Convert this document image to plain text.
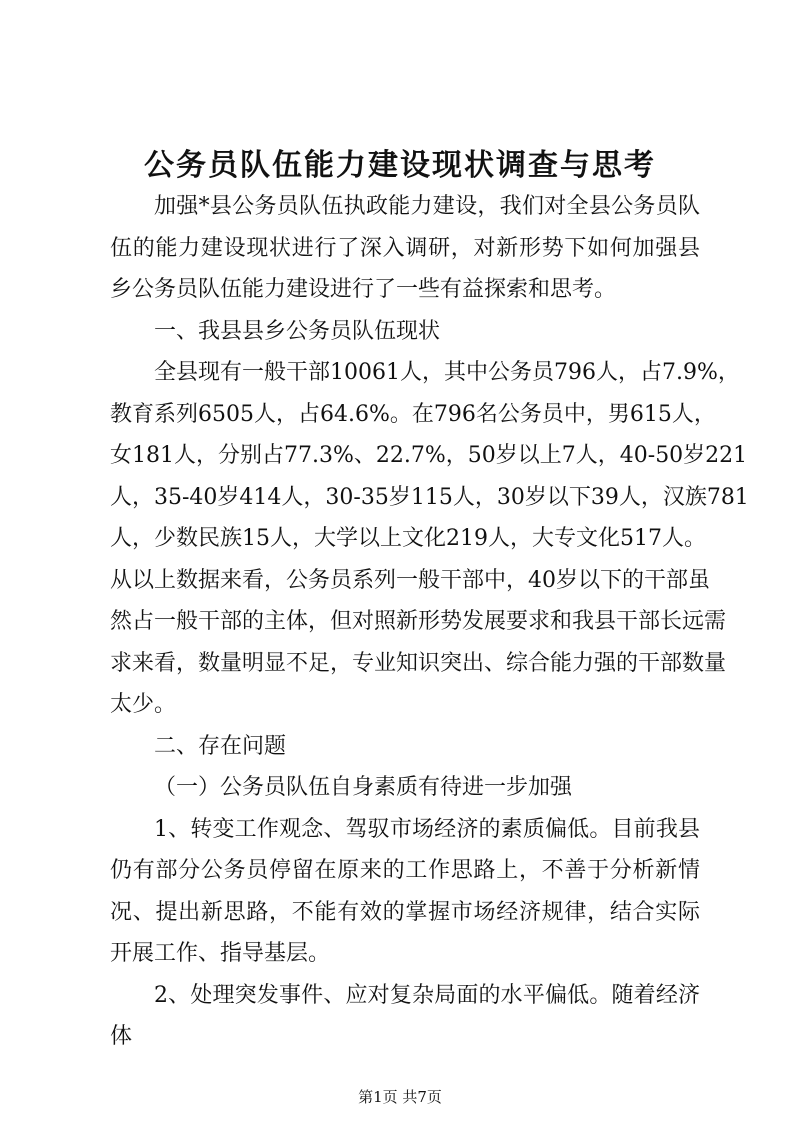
公务员队伍能力建设现状调查与思考

加强*县公务员队伍执政能力建设，我们对全县公务员队伍的能力建设现状进行了深入调研，对新形势下如何加强县乡公务员队伍能力建设进行了一些有益探索和思考。

一、我县县乡公务员队伍现状

　　全县现有一般干部10061人，其中公务员796人，占7.9%，

教育系列6505人，占64.6%。在796名公务员中，男615人，

女181人，分别占77.3%、22.7%，50岁以上7人，40-50岁221

人，35-40岁414人，30-35岁115人，30岁以下39人，汉族781

人，少数民族15人，大学以上文化219人，大专文化517人。

从以上数据来看，公务员系列一般干部中，40岁以下的干部虽

然占一般干部的主体，但对照新形势发展要求和我县干部长远需

求来看，数量明显不足，专业知识突出、综合能力强的干部数量

太少。

二、存在问题

（一）公务员队伍自身素质有待进一步加强

1、转变工作观念、驾驭市场经济的素质偏低。目前我县仍有部分公务员停留在原来的工作思路上，不善于分析新情况、提出新思路，不能有效的掌握市场经济规律，结合实际开展工作、指导基层。

2、处理突发事件、应对复杂局面的水平偏低。随着经济体

第1页 共7页
